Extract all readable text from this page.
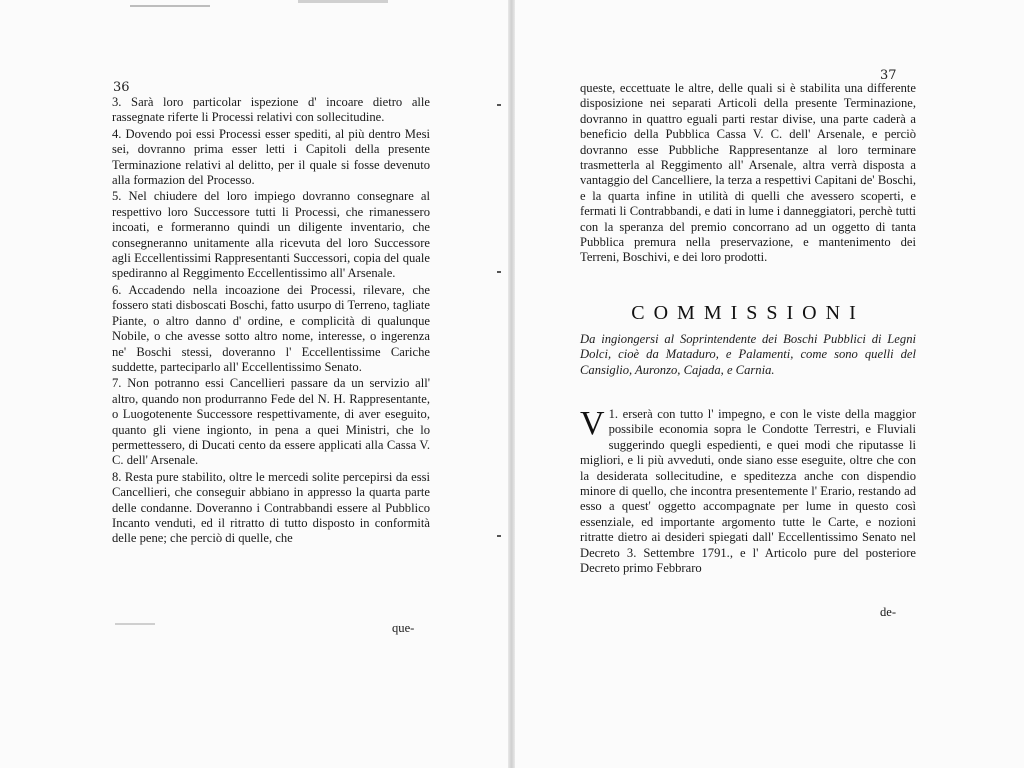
36

3. Sarà loro particolar ispezione d' incoare dietro alle rassegnate riferte li Processi relativi con sollecitudine.

4. Dovendo poi essi Processi esser spediti, al più dentro Mesi sei, dovranno prima esser letti i Capitoli della presente Terminazione relativi al delitto, per il quale si fosse devenuto alla formazion del Processo.

5. Nel chiudere del loro impiego dovranno consegnare al respettivo loro Successore tutti li Processi, che rimanessero incoati, e formeranno quindi un diligente inventario, che consegneranno unitamente alla ricevuta del loro Successore agli Eccellentissimi Rappresentanti Successori, copia del quale spediranno al Reggimento Eccellentissimo all' Arsenale.

6. Accadendo nella incoazione dei Processi, rilevare, che fossero stati disboscati Boschi, fatto usurpo di Terreno, tagliate Piante, o altro danno d' ordine, e complicità di qualunque Nobile, o che avesse sotto altro nome, interesse, o ingerenza ne' Boschi stessi, doveranno l' Eccellentissime Cariche suddette, parteciparlo all' Eccellentissimo Senato.

7. Non potranno essi Cancellieri passare da un servizio all' altro, quando non produrranno Fede del N. H. Rappresentante, o Luogotenente Successore respettivamente, di aver eseguito, quanto gli viene ingionto, in pena a quei Ministri, che lo permettessero, di Ducati cento da essere applicati alla Cassa V. C. dell' Arsenale.

8. Resta pure stabilito, oltre le mercedi solite percepirsi da essi Cancellieri, che conseguir abbiano in appresso la quarta parte delle condanne. Doveranno i Contrabbandi essere al Pubblico Incanto venduti, ed il ritratto di tutto disposto in conformità delle pene; che perciò di quelle, che

que-
37
queste, eccettuate le altre, delle quali si è stabilita una differente disposizione nei separati Articoli della presente Terminazione, dovranno in quattro eguali parti restar divise, una parte caderà a beneficio della Pubblica Cassa V. C. dell' Arsenale, e perciò dovranno esse Pubbliche Rappresentanze al loro terminare trasmetterla al Reggimento all' Arsenale, altra verrà disposta a vantaggio del Cancelliere, la terza a respettivi Capitani de' Boschi, e la quarta infine in utilità di quelli che avessero scoperti, e fermati li Contrabbandi, e dati in lume i danneggiatori, perchè tutti con la speranza del premio concorrano ad un oggetto di tanta Pubblica premura nella preservazione, e mantenimento dei Terreni, Boschivi, e dei loro prodotti.
COMMISSIONI
Da ingiongersi al Soprintendente dei Boschi Pubblici di Legni Dolci, cioè da Mataduro, e Palamenti, come sono quelli del Cansiglio, Auronzo, Cajada, e Carnia.
1.
V erserà con tutto l' impegno, e con le viste della maggior possibile economia sopra le Condotte Terrestri, e Fluviali suggerindo quegli espedienti, e quei modi che riputasse li migliori, e li più avveduti, onde siano esse eseguite, oltre che con la desiderata sollecitudine, e speditezza anche con dispendio minore di quello, che incontra presentemente l' Erario, restando ad esso a quest' oggetto accompagnate per lume in questo così essenziale, ed importante argomento tutte le Carte, e nozioni ritratte dietro ai desideri spiegati dall' Eccellentissimo Senato nel Decreto 3. Settembre 1791., e l' Articolo pure del posteriore Decreto primo Febbraro
de-
